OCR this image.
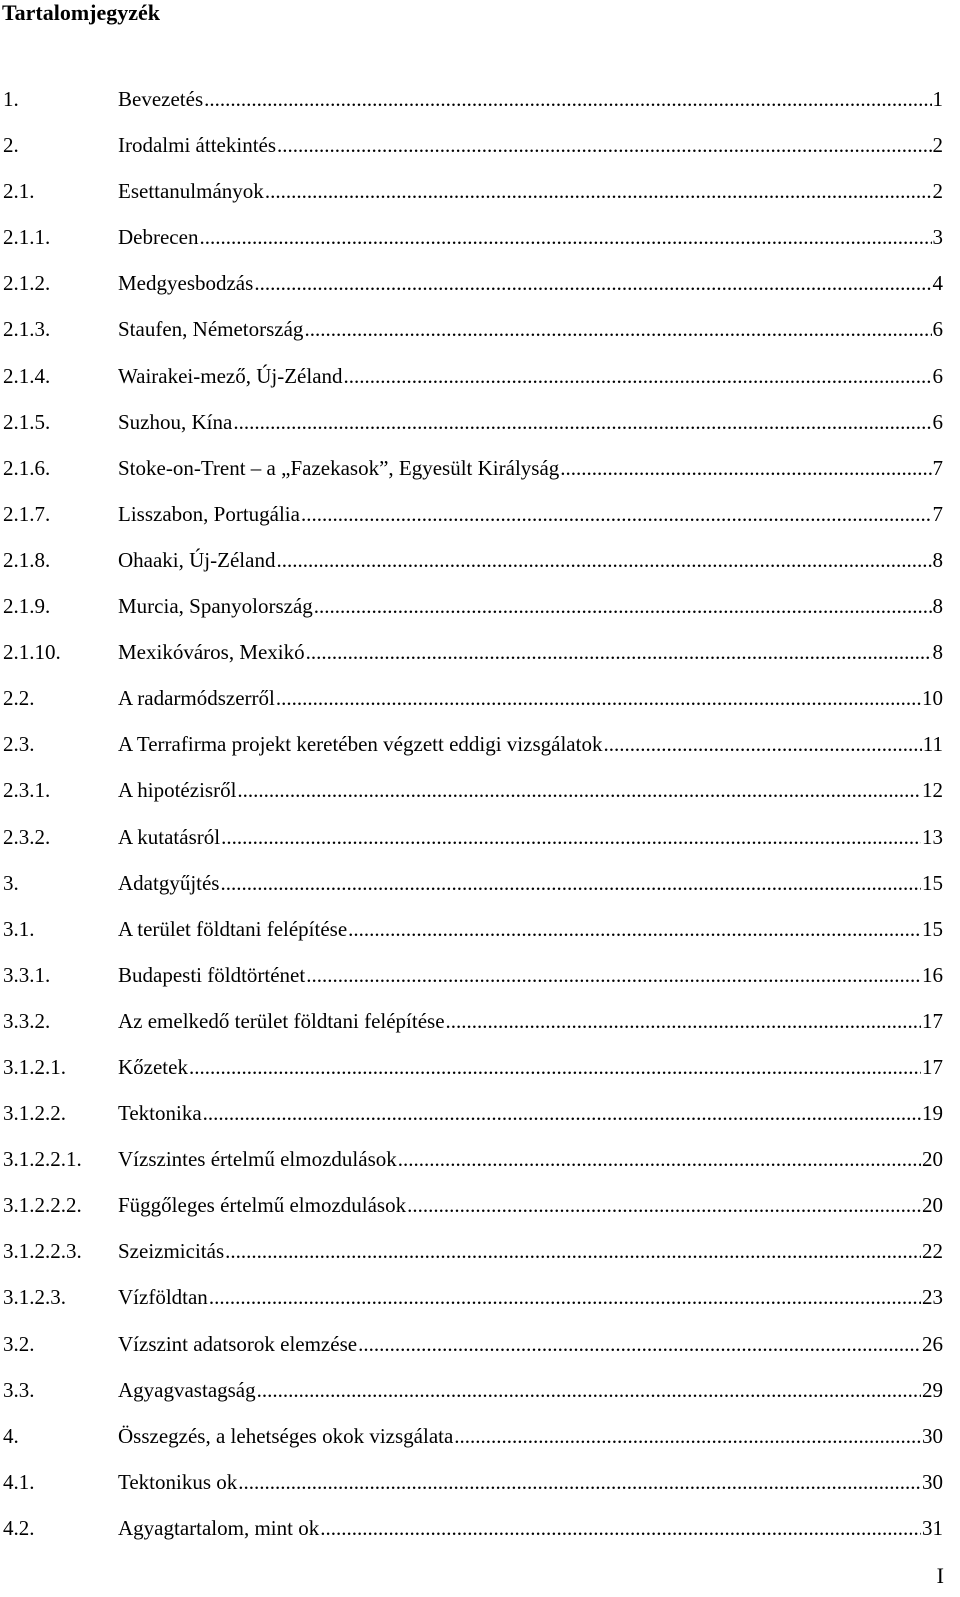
Tartalomjegyzék
1.	Bevezetés .....	1
2.	Irodalmi áttekintés .....	2
2.1.	Esettanulmányok .....	2
2.1.1.	Debrecen .....	3
2.1.2.	Medgyesbodzás .....	4
2.1.3.	Staufen, Németország .....	6
2.1.4.	Wairakei-mező, Új-Zéland .....	6
2.1.5.	Suzhou, Kína .....	6
2.1.6.	Stoke-on-Trent – a „Fazekasok”, Egyesült Királyság .....	7
2.1.7.	Lisszabon, Portugália .....	7
2.1.8.	Ohaaki, Új-Zéland .....	8
2.1.9.	Murcia, Spanyolország .....	8
2.1.10.	Mexikóváros, Mexikó .....	8
2.2.	A radarmódszerről .....	10
2.3.	A Terrafirma projekt keretében végzett eddigi vizsgálatok .....	11
2.3.1.	A hipotézisről .....	12
2.3.2.	A kutatásról .....	13
3.	Adatgyűjtés .....	15
3.1.	A terület földtani felépítése .....	15
3.3.1.	Budapesti földtörténet .....	16
3.3.2.	Az emelkedő terület földtani felépítése .....	17
3.1.2.1. Kőzetek .....	17
3.1.2.2. Tektonika .....	19
3.1.2.2.1. Vízszintes értelmű elmozdulások .....	20
3.1.2.2.2. Függőleges értelmű elmozdulások .....	20
3.1.2.2.3. Szeizmicitás .....	22
3.1.2.3. Vízföldtan .....	23
3.2.	Vízszint adatsorok elemzése .....	26
3.3.	Agyagvastagság .....	29
4.	Összegzés, a lehetséges okok vizsgálata .....	30
4.1.	Tektonikus ok .....	30
4.2.	Agyagtartalom, mint ok .....	31
I
